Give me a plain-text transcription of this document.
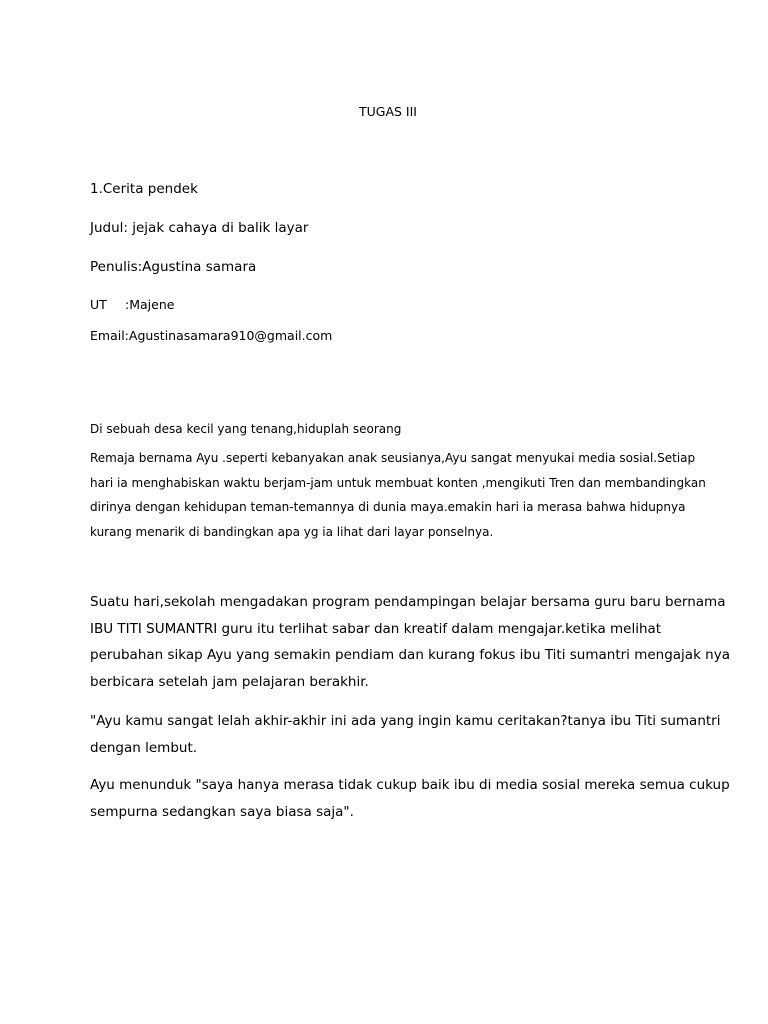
TUGAS III

1.Cerita pendek

Judul: jejak cahaya di balik layar

Penulis:Agustina samara

UT :Majene

Email:Agustinasamara910@gmail.com

Di sebuah desa kecil yang tenang,hiduplah seorang

Remaja bernama Ayu .seperti kebanyakan anak seusianya,Ayu sangat menyukai media sosial.Setiap
hari ia menghabiskan waktu berjam-jam untuk membuat konten ,mengikuti Tren dan membandingkan
dirinya dengan kehidupan teman-temannya di dunia maya.emakin hari ia merasa bahwa hidupnya
kurang menarik di bandingkan apa yg ia lihat dari layar ponselnya.
Suatu hari,sekolah mengadakan program pendampingan belajar bersama guru baru bernama
IBU TITI SUMANTRI guru itu terlihat sabar dan kreatif dalam mengajar.ketika melihat
perubahan sikap Ayu yang semakin pendiam dan kurang fokus ibu Titi sumantri mengajak nya
berbicara setelah jam pelajaran berakhir.
"Ayu kamu sangat lelah akhir-akhir ini ada yang ingin kamu ceritakan?tanya ibu Titi sumantri
dengan lembut.
Ayu menunduk "saya hanya merasa tidak cukup baik ibu di media sosial mereka semua cukup
sempurna sedangkan saya biasa saja".
